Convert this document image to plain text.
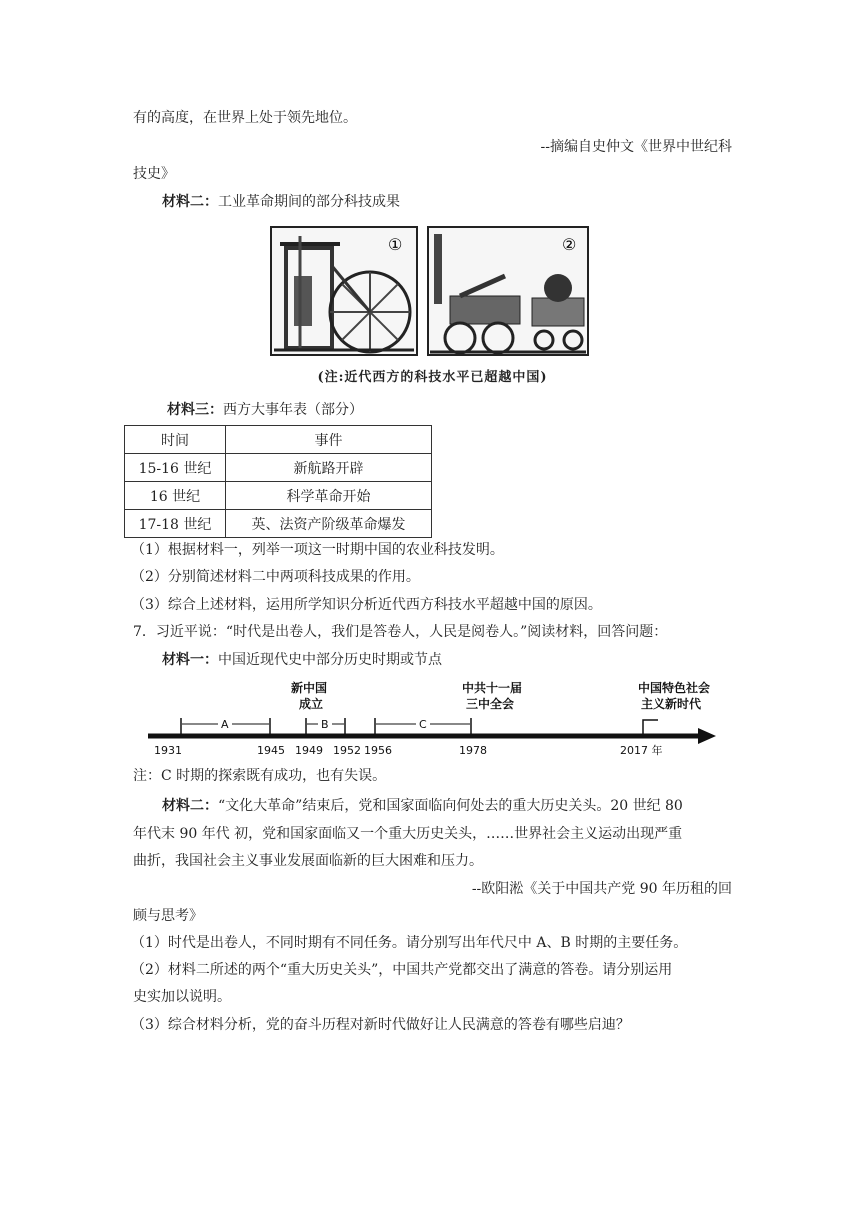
有的高度，在世界上处于领先地位。
--摘编自史仲文《世界中世纪科
技史》
材料二：工业革命期间的部分科技成果
①	②
(注:近代西方的科技水平已超越中国)
材料三：西方大事年表（部分）
时间	事件
15-16 世纪	新航路开辟
16 世纪	科学革命开始
17-18 世纪	英、法资产阶级革命爆发
（1）根据材料一，列举一项这一时期中国的农业科技发明。
（2）分别简述材料二中两项科技成果的作用。
（3）综合上述材料，运用所学知识分析近代西方科技水平超越中国的原因。
7．习近平说：“时代是出卷人，我们是答卷人，人民是阅卷人。”阅读材料，回答问题：
材料一：中国近现代史中部分历史时期或节点
A	B	C
新中国
成立
中共十一届
三中全会
中国特色社会
主义新时代
1931	1945 1949 1952 1956	1978	2017 年
注：C 时期的探索既有成功，也有失误。
材料二：“文化大革命”结束后，党和国家面临向何处去的重大历史关头。20 世纪 80
年代末 90 年代 初，党和国家面临又一个重大历史关头，……世界社会主义运动出现严重
曲折，我国社会主义事业发展面临新的巨大困难和压力。
--欧阳淞《关于中国共产党 90 年历租的回
顾与思考》
（1）时代是出卷人，不同时期有不同任务。请分别写出年代尺中 A、B 时期的主要任务。
（2）材料二所述的两个“重大历史关头”，中国共产党都交出了满意的答卷。请分别运用
史实加以说明。
（3）综合材料分析，党的奋斗历程对新时代做好让人民满意的答卷有哪些启迪？
